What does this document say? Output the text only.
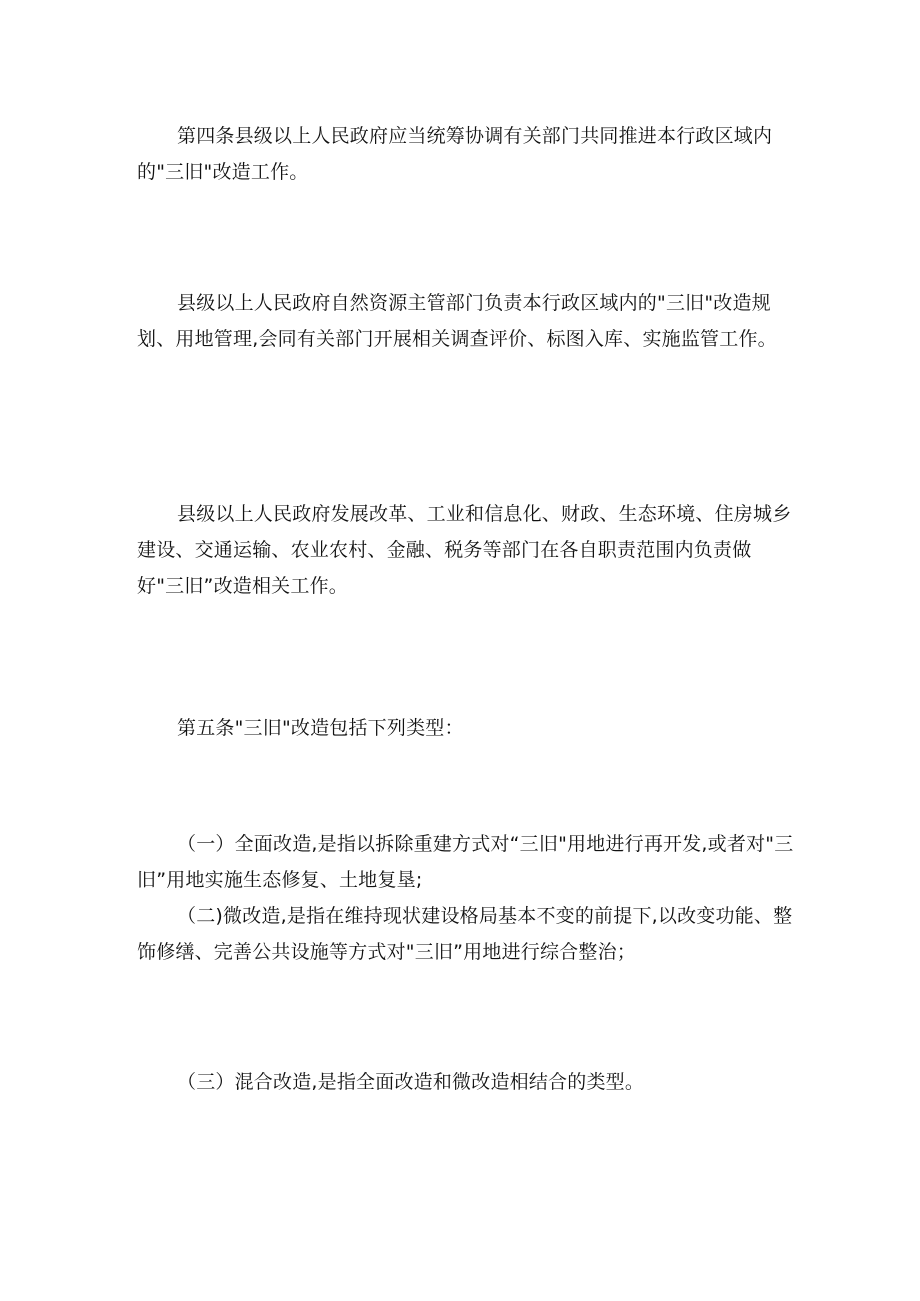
第四条县级以上人民政府应当统筹协调有关部门共同推进本行政区域内的"三旧"改造工作。

县级以上人民政府自然资源主管部门负责本行政区域内的"三旧"改造规划、用地管理,会同有关部门开展相关调查评价、标图入库、实施监管工作。

县级以上人民政府发展改革、工业和信息化、财政、生态环境、住房城乡建设、交通运输、农业农村、金融、税务等部门在各自职责范围内负责做好"三旧”改造相关工作。

第五条"三旧"改造包括下列类型：

（一）全面改造,是指以拆除重建方式对“三旧"用地进行再开发,或者对"三旧”用地实施生态修复、土地复垦;

（二)微改造,是指在维持现状建设格局基本不变的前提下,以改变功能、整饰修缮、完善公共设施等方式对"三旧”用地进行综合整治；

（三）混合改造,是指全面改造和微改造相结合的类型。
